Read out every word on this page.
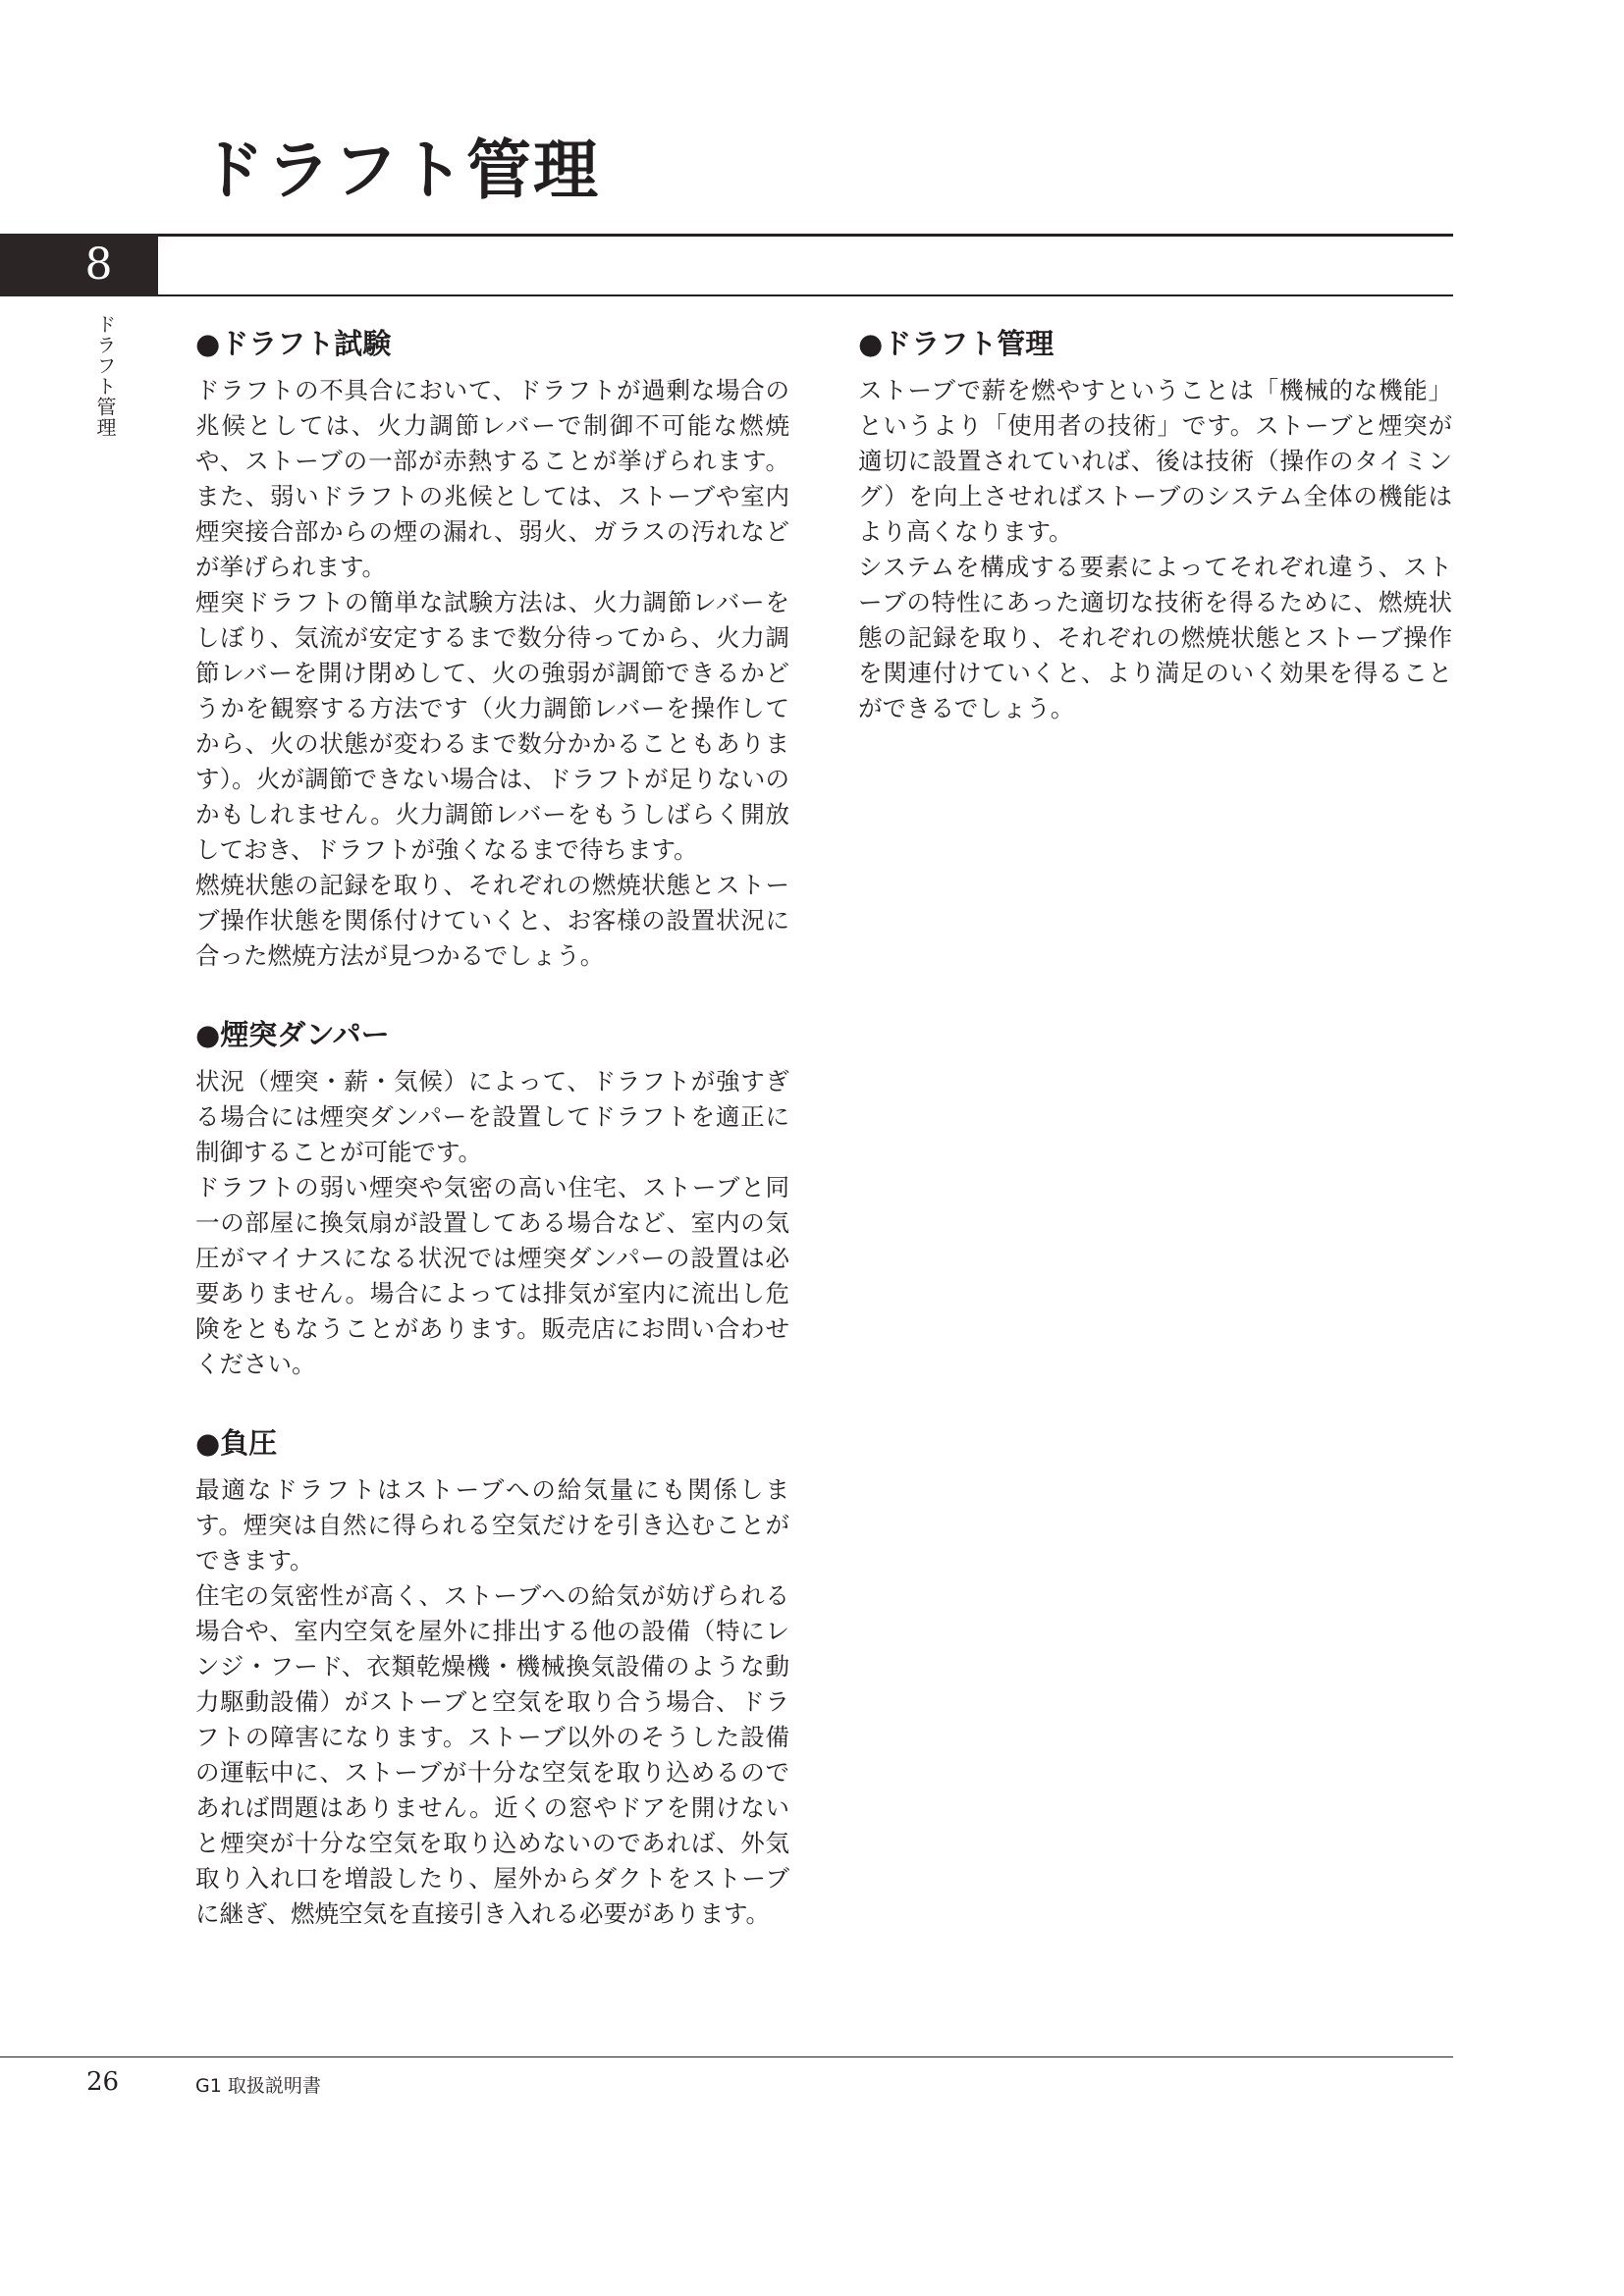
ドラフト管理
8
ドラフト管理	●ドラフト試験

ドラフトの不具合において、ドラフトが過剰な場合の兆候としては、火力調節レバーで制御不可能な燃焼や、ストーブの一部が赤熱することが挙げられます。また、弱いドラフトの兆候としては、ストーブや室内煙突接合部からの煙の漏れ、弱火、ガラスの汚れなどが挙げられます。

煙突ドラフトの簡単な試験方法は、火力調節レバーをしぼり、気流が安定するまで数分待ってから、火力調節レバーを開け閉めして、火の強弱が調節できるかどうかを観察する方法です（火力調節レバーを操作してから、火の状態が変わるまで数分かかることもあります）。火が調節できない場合は、ドラフトが足りないのかもしれません。火力調節レバーをもうしばらく開放しておき、ドラフトが強くなるまで待ちます。

燃焼状態の記録を取り、それぞれの燃焼状態とストーブ操作状態を関係付けていくと、お客様の設置状況に合った燃焼方法が見つかるでしょう。

●煙突ダンパー

状況（煙突・薪・気候）によって、ドラフトが強すぎる場合には煙突ダンパーを設置してドラフトを適正に制御することが可能です。

ドラフトの弱い煙突や気密の高い住宅、ストーブと同一の部屋に換気扇が設置してある場合など、室内の気圧がマイナスになる状況では煙突ダンパーの設置は必要ありません。場合によっては排気が室内に流出し危険をともなうことがあります。販売店にお問い合わせください。

●負圧

最適なドラフトはストーブへの給気量にも関係します。煙突は自然に得られる空気だけを引き込むことができます。

住宅の気密性が高く、ストーブへの給気が妨げられる場合や、室内空気を屋外に排出する他の設備（特にレンジ・フード、衣類乾燥機・機械換気設備のような動力駆動設備）がストーブと空気を取り合う場合、ドラフトの障害になります。ストーブ以外のそうした設備の運転中に、ストーブが十分な空気を取り込めるのであれば問題はありません。近くの窓やドアを開けないと煙突が十分な空気を取り込めないのであれば、外気取り入れ口を増設したり、屋外からダクトをストーブに継ぎ、燃焼空気を直接引き入れる必要があります。

●ドラフト管理

ストーブで薪を燃やすということは「機械的な機能」というより「使用者の技術」です。ストーブと煙突が適切に設置されていれば、後は技術（操作のタイミング）を向上させればストーブのシステム全体の機能はより高くなります。

システムを構成する要素によってそれぞれ違う、ストーブの特性にあった適切な技術を得るために、燃焼状態の記録を取り、それぞれの燃焼状態とストーブ操作を関連付けていくと、より満足のいく効果を得ることができるでしょう。

26	G1 取扱説明書
